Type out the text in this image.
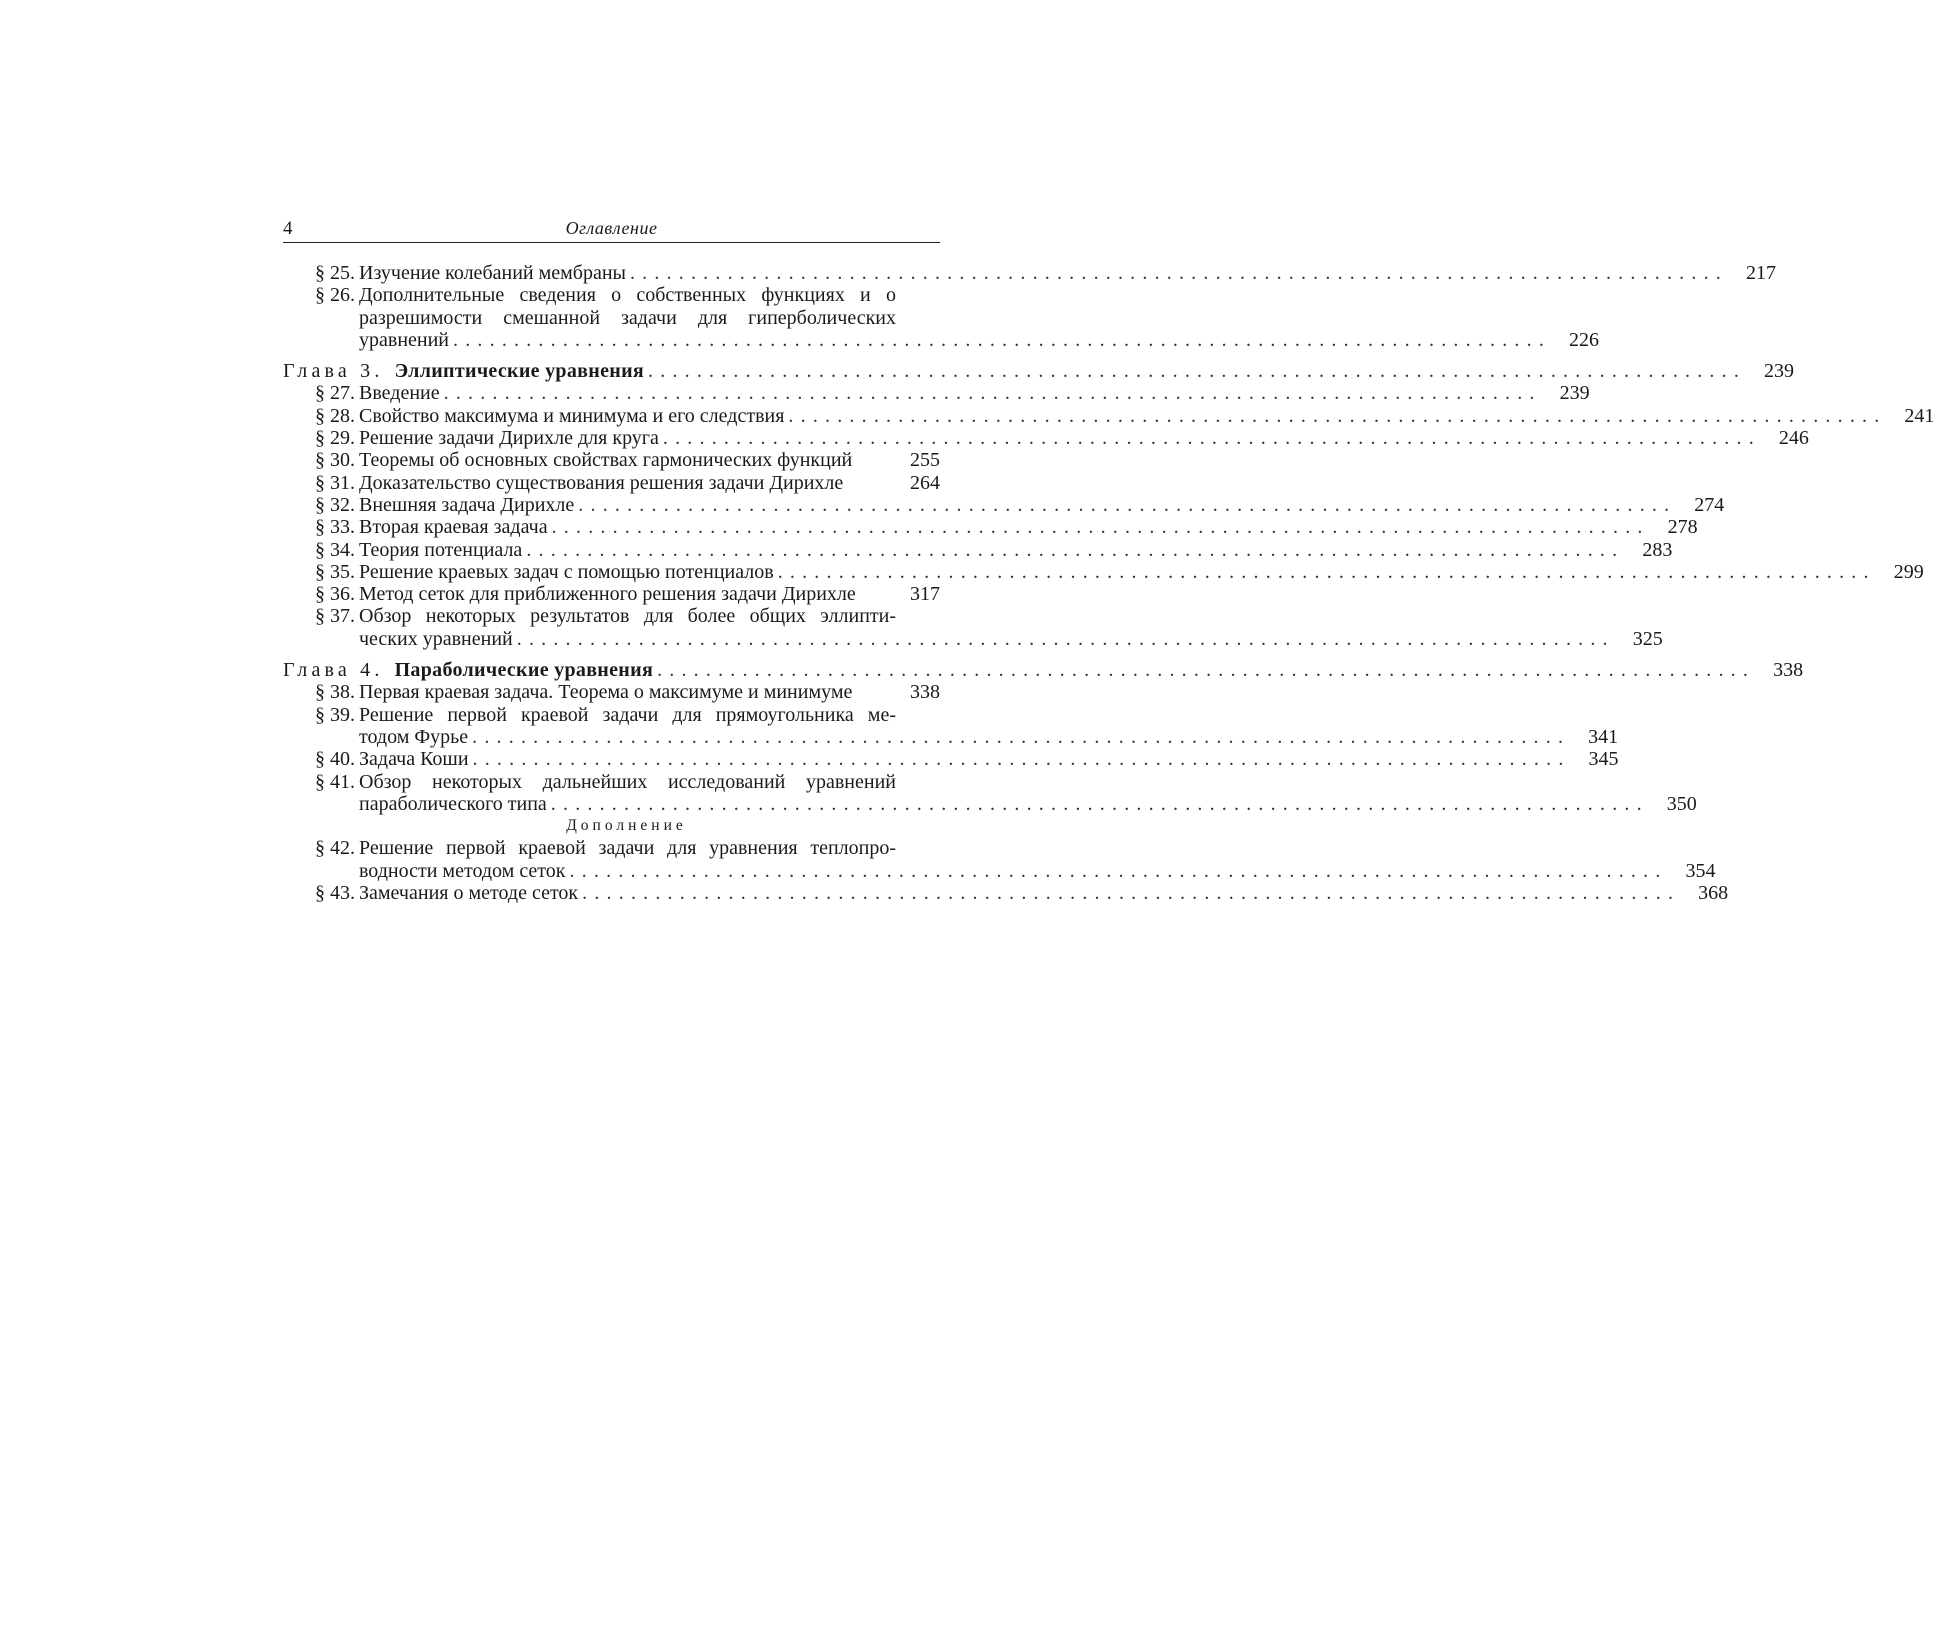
4	Оглавление
§ 25. Изучение колебаний мембраны .......................................................................................... 217
§ 26. Дополнительные сведения о собственных функциях и о
разрешимости смешанной задачи для гиперболических
уравнений .......................................................................................... 226
Глава 3. Эллиптические уравнения .......................................................................................... 239
§ 27. Введение .......................................................................................... 239
§ 28. Свойство максимума и минимума и его следствия .......................................................................................... 241
§ 29. Решение задачи Дирихле для круга .......................................................................................... 246
§ 30. Теоремы об основных свойствах гармонических функций	255
§ 31. Доказательство существования решения задачи Дирихле	264
§ 32. Внешняя задача Дирихле .......................................................................................... 274
§ 33. Вторая краевая задача .......................................................................................... 278
§ 34. Теория потенциала .......................................................................................... 283
§ 35. Решение краевых задач с помощью потенциалов .......................................................................................... 299
§ 36. Метод сеток для приближенного решения задачи Дирихле	317
§ 37. Обзор некоторых результатов для более общих эллипти-
ческих уравнений .......................................................................................... 325
Глава 4. Параболические уравнения .......................................................................................... 338
§ 38. Первая краевая задача. Теорема о максимуме и минимуме	338
§ 39. Решение первой краевой задачи для прямоугольника ме-
тодом Фурье .......................................................................................... 341
§ 40. Задача Коши .......................................................................................... 345
§ 41. Обзор некоторых дальнейших исследований уравнений
параболического типа .......................................................................................... 350
Дополнение
§ 42. Решение первой краевой задачи для уравнения теплопро-
водности методом сеток .......................................................................................... 354
§ 43. Замечания о методе сеток .......................................................................................... 368
